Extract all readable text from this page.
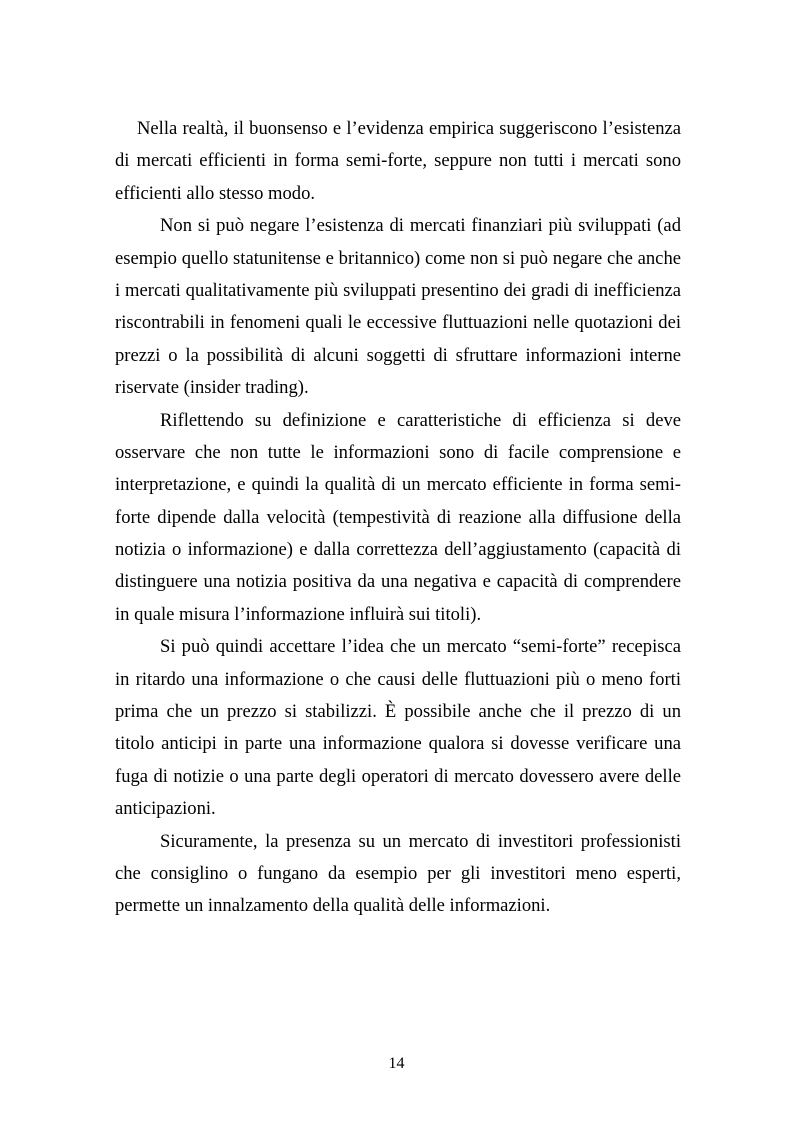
Nella realtà, il buonsenso e l’evidenza empirica suggeriscono l’esistenza
di mercati efficienti in forma semi-forte, seppure non tutti i mercati sono
efficienti allo stesso modo.
Non si può negare l’esistenza di mercati finanziari più sviluppati (ad
esempio quello statunitense e britannico) come non si può negare che anche
i mercati qualitativamente più sviluppati presentino dei gradi di inefficienza
riscontrabili in fenomeni quali le eccessive fluttuazioni nelle quotazioni dei
prezzi o la possibilità di alcuni soggetti di sfruttare informazioni interne
riservate (insider trading).
Riflettendo su definizione e caratteristiche di efficienza si deve
osservare che non tutte le informazioni sono di facile comprensione e
interpretazione, e quindi la qualità di un mercato efficiente in forma semi-
forte dipende dalla velocità (tempestività di reazione alla diffusione della
notizia o informazione) e dalla correttezza dell’aggiustamento (capacità di
distinguere una notizia positiva da una negativa e capacità di comprendere
in quale misura l’informazione influirà sui titoli).
Si può quindi accettare l’idea che un mercato “semi-forte” recepisca
in ritardo una informazione o che causi delle fluttuazioni più o meno forti
prima che un prezzo si stabilizzi. È possibile anche che il prezzo di un
titolo anticipi in parte una informazione qualora si dovesse verificare una
fuga di notizie o una parte degli operatori di mercato dovessero avere delle
anticipazioni.
Sicuramente, la presenza su un mercato di investitori professionisti
che consiglino o fungano da esempio per gli investitori meno esperti,
permette un innalzamento della qualità delle informazioni.
14
